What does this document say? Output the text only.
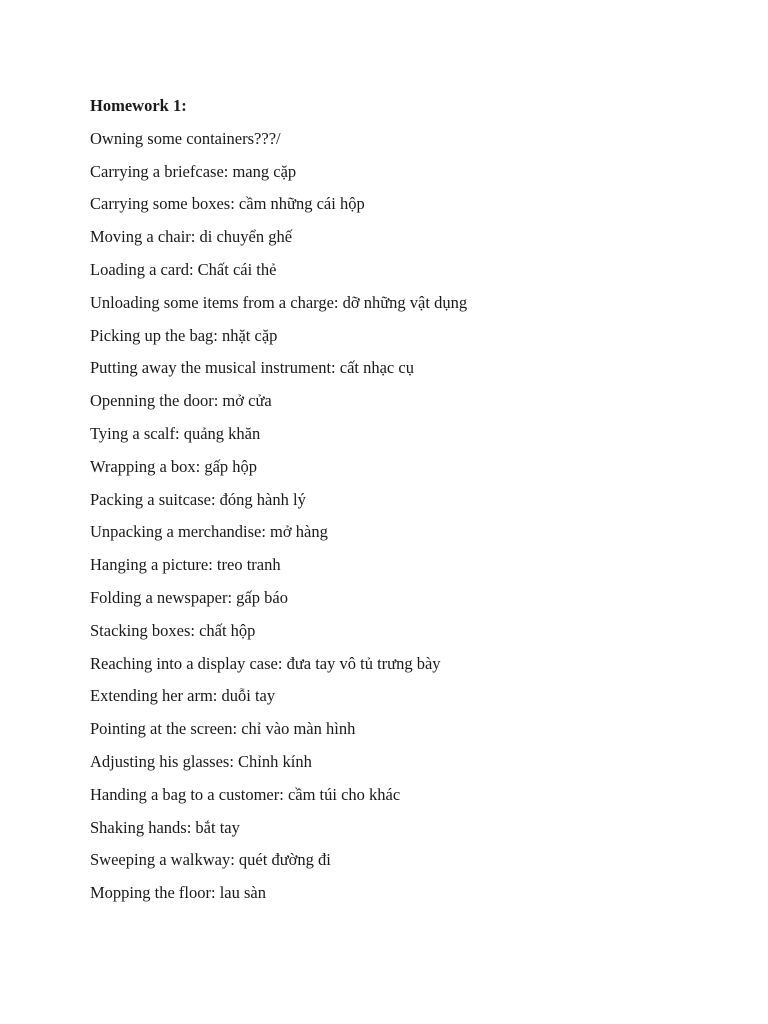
Homework 1:

Owning some containers???/
Carrying a briefcase: mang cặp
Carrying some boxes: cầm những cái hộp
Moving a chair: di chuyển ghế
Loading a card: Chất cái thẻ
Unloading some items from a charge: dỡ những vật dụng
Picking up the bag: nhặt cặp
Putting away the musical instrument: cất nhạc cụ
Openning the door: mở cửa
Tying a scalf: quảng khăn
Wrapping a box: gấp hộp
Packing a suitcase: đóng hành lý
Unpacking a merchandise: mở hàng
Hanging a picture: treo tranh
Folding a newspaper: gấp báo
Stacking boxes: chất hộp
Reaching into a display case: đưa tay vô tủ trưng bày
Extending her arm: duỗi tay
Pointing at the screen: chỉ vào màn hình
Adjusting his glasses: Chỉnh kính
Handing a bag to a customer: cầm túi cho khác
Shaking hands: bắt tay
Sweeping a walkway: quét đường đi
Mopping the floor: lau sàn
